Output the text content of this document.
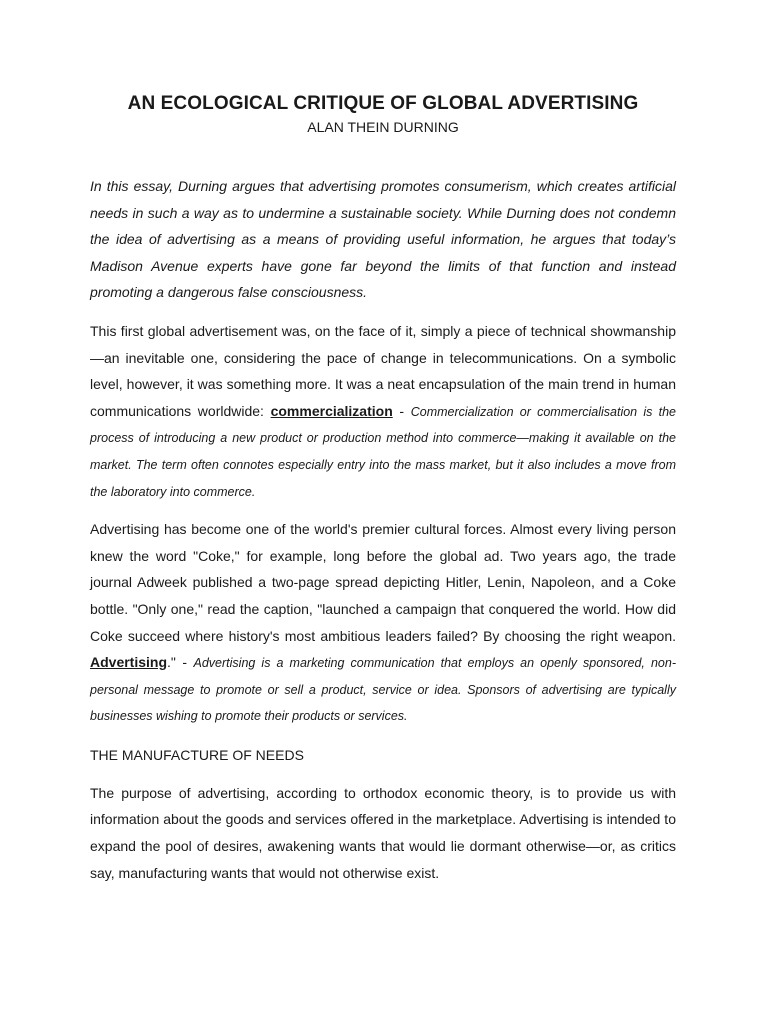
AN ECOLOGICAL CRITIQUE OF GLOBAL ADVERTISING
ALAN THEIN DURNING

In this essay, Durning argues that advertising promotes consumerism, which creates artificial needs in such a way as to undermine a sustainable society. While Durning does not condemn the idea of advertising as a means of providing useful information, he argues that today’s Madison Avenue experts have gone far beyond the limits of that function and instead promoting a dangerous false consciousness.

This first global advertisement was, on the face of it, simply a piece of technical showmanship—an inevitable one, considering the pace of change in telecommunications. On a symbolic level, however, it was something more. It was a neat encapsulation of the main trend in human communications worldwide: commercialization - Commercialization or commercialisation is the process of introducing a new product or production method into commerce—making it available on the market. The term often connotes especially entry into the mass market, but it also includes a move from the laboratory into commerce.

Advertising has become one of the world's premier cultural forces. Almost every living person knew the word "Coke," for example, long before the global ad. Two years ago, the trade journal Adweek published a two-page spread depicting Hitler, Lenin, Napoleon, and a Coke bottle. "Only one," read the caption, "launched a campaign that conquered the world. How did Coke succeed where history's most ambitious leaders failed? By choosing the right weapon. Advertising." - Advertising is a marketing communication that employs an openly sponsored, non-personal message to promote or sell a product, service or idea. Sponsors of advertising are typically businesses wishing to promote their products or services.

THE MANUFACTURE OF NEEDS

The purpose of advertising, according to orthodox economic theory, is to provide us with information about the goods and services offered in the marketplace. Advertising is intended to expand the pool of desires, awakening wants that would lie dormant otherwise—or, as critics say, manufacturing wants that would not otherwise exist.
